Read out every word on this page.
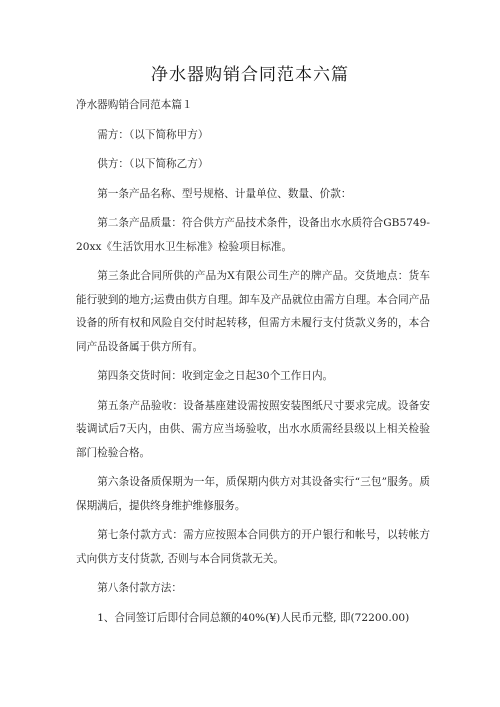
净水器购销合同范本六篇

净水器购销合同范本篇１

需方：（以下简称甲方）

供方：（以下简称乙方）

第一条产品名称、型号规格、计量单位、数量、价款：

第二条产品质量：符合供方产品技术条件，设备出水水质符合GB5749-20xx《生活饮用水卫生标准》检验项目标准。

第三条此合同所供的产品为X有限公司生产的牌产品。交货地点：货车能行驶到的地方;运费由供方自理。卸车及产品就位由需方自理。本合同产品设备的所有权和风险自交付时起转移，但需方未履行支付货款义务的，本合同产品设备属于供方所有。

第四条交货时间：收到定金之日起30个工作日内。

第五条产品验收：设备基座建设需按照安装图纸尺寸要求完成。设备安装调试后7天内，由供、需方应当场验收，出水水质需经县级以上相关检验部门检验合格。

第六条设备质保期为一年，质保期内供方对其设备实行“三包”服务。质保期满后，提供终身维护维修服务。

第七条付款方式：需方应按照本合同供方的开户银行和帐号，以转帐方式向供方支付货款, 否则与本合同货款无关。

第八条付款方法：

1、合同签订后即付合同总额的40%(¥)人民币元整, 即(72200.00)
